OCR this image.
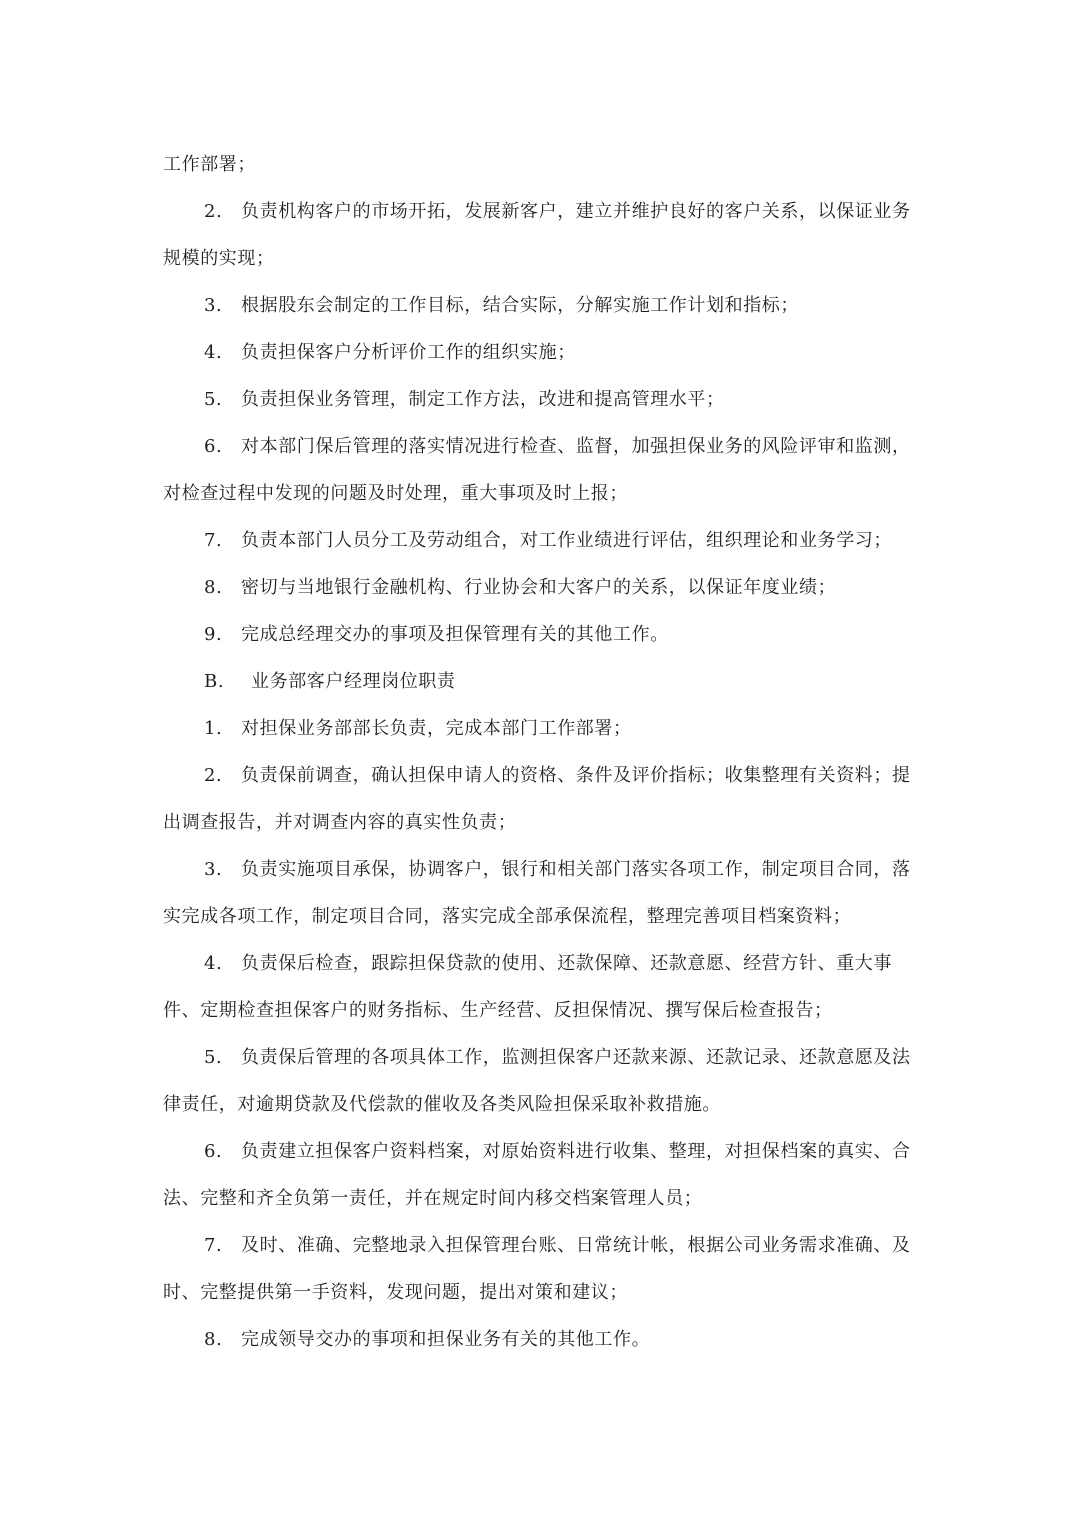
工作部署；

2. 负责机构客户的市场开拓，发展新客户，建立并维护良好的客户关系，以保证业务规模的实现；

3. 根据股东会制定的工作目标，结合实际，分解实施工作计划和指标；

4. 负责担保客户分析评价工作的组织实施；

5. 负责担保业务管理，制定工作方法，改进和提高管理水平；

6. 对本部门保后管理的落实情况进行检查、监督，加强担保业务的风险评审和监测，对检查过程中发现的问题及时处理，重大事项及时上报；

7. 负责本部门人员分工及劳动组合，对工作业绩进行评估，组织理论和业务学习；

8. 密切与当地银行金融机构、行业协会和大客户的关系，以保证年度业绩；

9. 完成总经理交办的事项及担保管理有关的其他工作。

B. 业务部客户经理岗位职责

1. 对担保业务部部长负责，完成本部门工作部署；

2. 负责保前调查，确认担保申请人的资格、条件及评价指标；收集整理有关资料；提出调查报告，并对调查内容的真实性负责；

3. 负责实施项目承保，协调客户，银行和相关部门落实各项工作，制定项目合同，落实完成各项工作，制定项目合同，落实完成全部承保流程，整理完善项目档案资料；

4. 负责保后检查，跟踪担保贷款的使用、还款保障、还款意愿、经营方针、重大事件、定期检查担保客户的财务指标、生产经营、反担保情况、撰写保后检查报告；

5. 负责保后管理的各项具体工作，监测担保客户还款来源、还款记录、还款意愿及法律责任，对逾期贷款及代偿款的催收及各类风险担保采取补救措施。

6. 负责建立担保客户资料档案，对原始资料进行收集、整理，对担保档案的真实、合法、完整和齐全负第一责任，并在规定时间内移交档案管理人员；

7. 及时、准确、完整地录入担保管理台账、日常统计帐，根据公司业务需求准确、及时、完整提供第一手资料，发现问题，提出对策和建议；

8. 完成领导交办的事项和担保业务有关的其他工作。
